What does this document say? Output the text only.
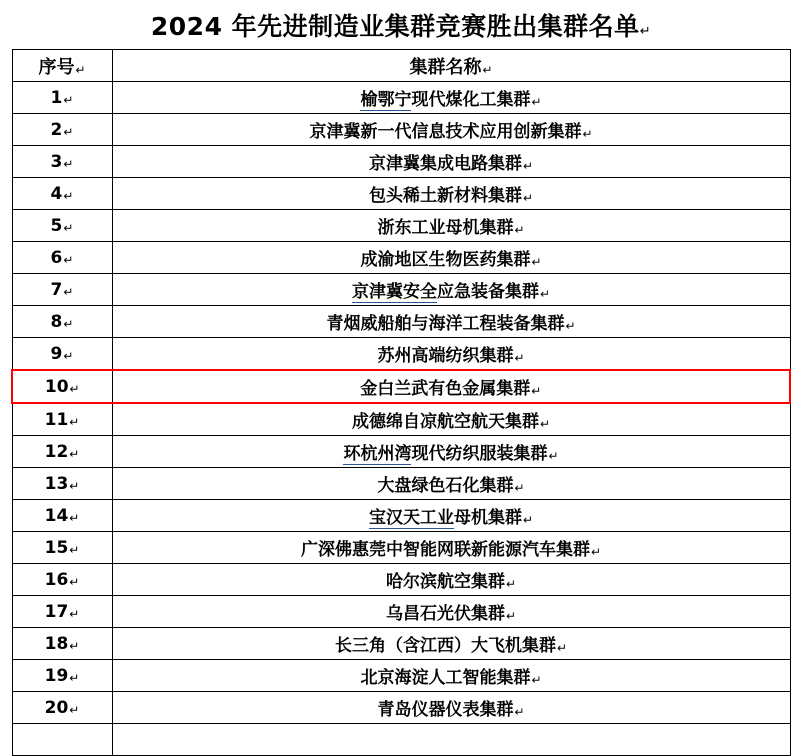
2024 年先进制造业集群竞赛胜出集群名单↵
序号↵	集群名称↵
1↵	榆鄂宁现代煤化工集群↵
2↵	京津冀新一代信息技术应用创新集群↵
3↵	京津冀集成电路集群↵
4↵	包头稀土新材料集群↵
5↵	浙东工业母机集群↵
6↵	成渝地区生物医药集群↵
7↵	京津冀安全应急装备集群↵
8↵	青烟威船舶与海洋工程装备集群↵
9↵	苏州高端纺织集群↵
10↵	金白兰武有色金属集群↵
11↵	成德绵自凉航空航天集群↵
12↵	环杭州湾现代纺织服装集群↵
13↵	大盘绿色石化集群↵
14↵	宝汉天工业母机集群↵
15↵	广深佛惠莞中智能网联新能源汽车集群↵
16↵	哈尔滨航空集群↵
17↵	乌昌石光伏集群↵
18↵	长三角（含江西）大飞机集群↵
19↵	北京海淀人工智能集群↵
20↵	青岛仪器仪表集群↵
